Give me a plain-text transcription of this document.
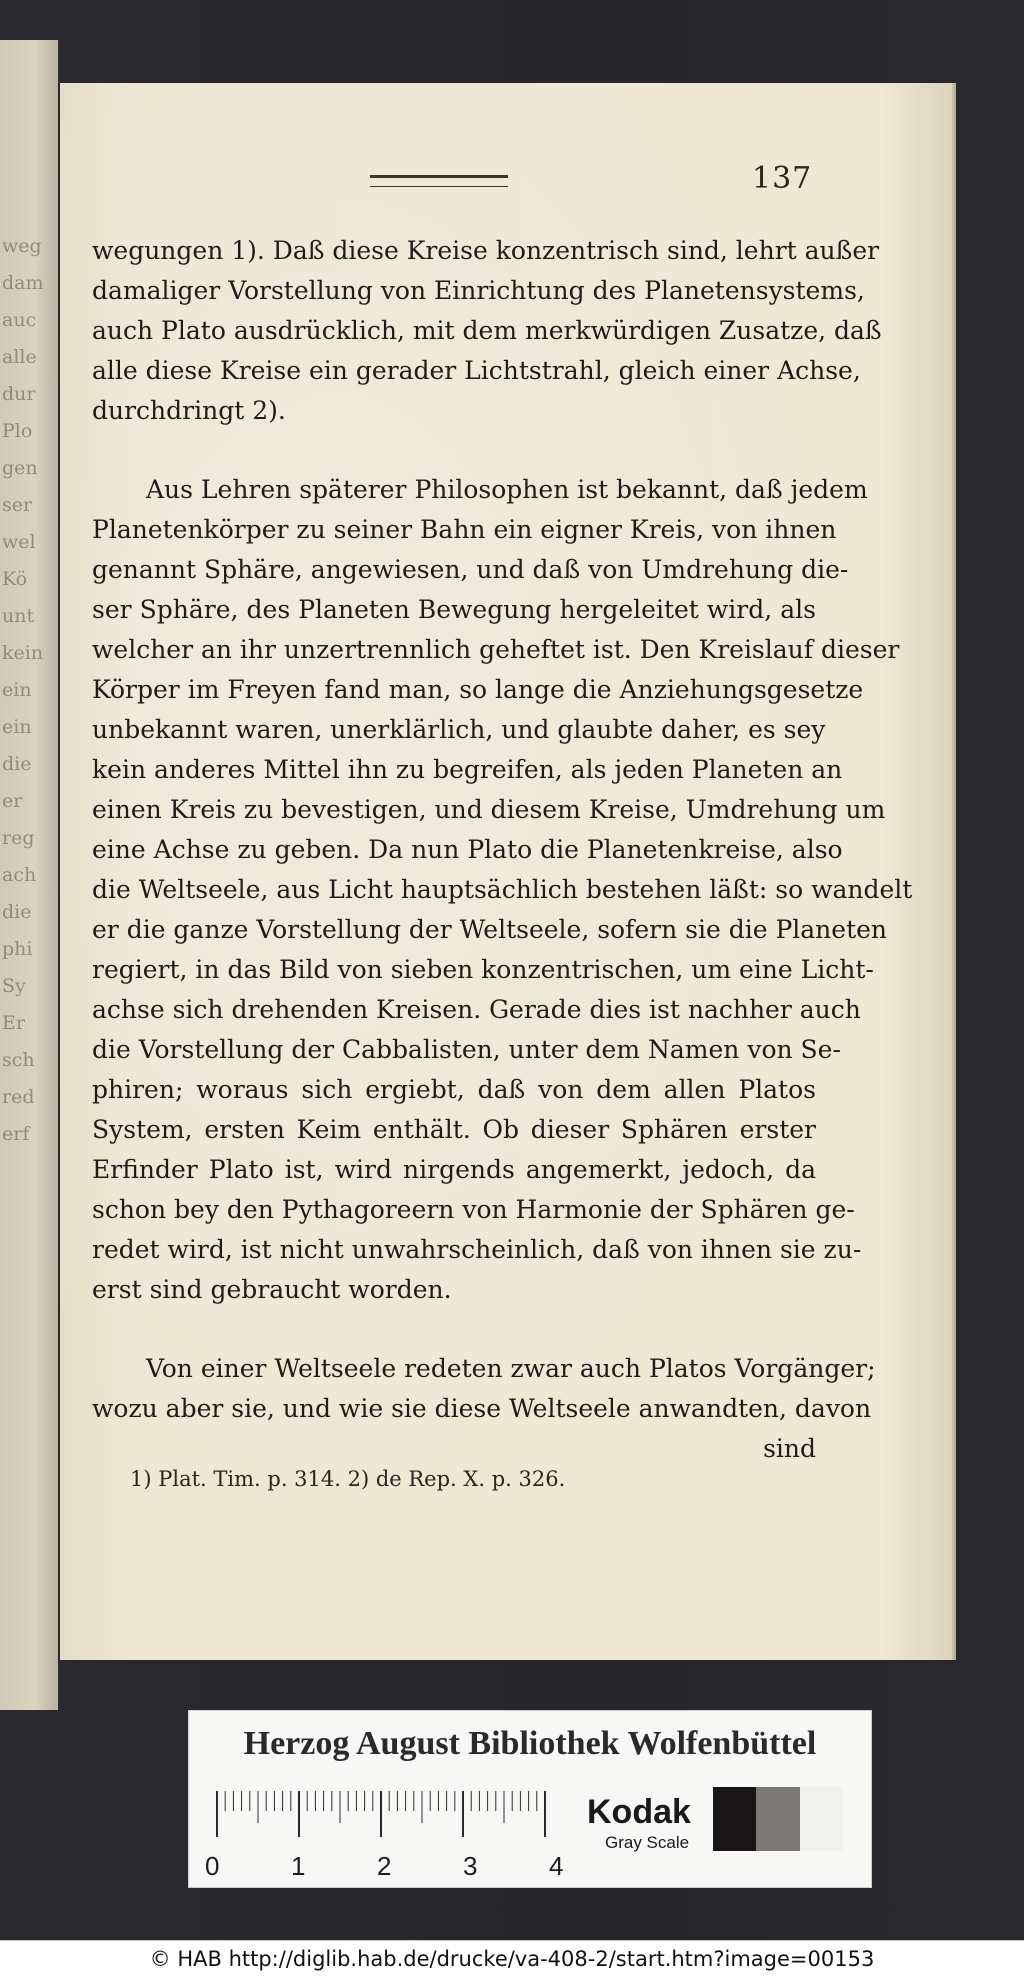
weg
dam
auc
alle
dur
Plo
gen
ser
wel
Kö
unt
kein
ein
ein
die
er
reg
ach
die
phi
Sy
Er
sch
red
erf
137
wegungen 1). Daß diese Kreise konzentrisch sind, lehrt außer
damaliger Vorstellung von Einrichtung des Planetensystems,
auch Plato ausdrücklich, mit dem merkwürdigen Zusatze, daß
alle diese Kreise ein gerader Lichtstrahl, gleich einer Achse,
durchdringt 2).
Aus Lehren späterer Philosophen ist bekannt, daß jedem
Planetenkörper zu seiner Bahn ein eigner Kreis, von ihnen
genannt Sphäre, angewiesen, und daß von Umdrehung die-
ser Sphäre, des Planeten Bewegung hergeleitet wird, als
welcher an ihr unzertrennlich geheftet ist. Den Kreislauf dieser
Körper im Freyen fand man, so lange die Anziehungsgesetze
unbekannt waren, unerklärlich, und glaubte daher, es sey
kein anderes Mittel ihn zu begreifen, als jeden Planeten an
einen Kreis zu bevestigen, und diesem Kreise, Umdrehung um
eine Achse zu geben. Da nun Plato die Planetenkreise, also
die Weltseele, aus Licht hauptsächlich bestehen läßt: so wandelt
er die ganze Vorstellung der Weltseele, sofern sie die Planeten
regiert, in das Bild von sieben konzentrischen, um eine Licht-
achse sich drehenden Kreisen. Gerade dies ist nachher auch
die Vorstellung der Cabbalisten, unter dem Namen von Se-
phiren; woraus sich ergiebt, daß von dem allen Platos
System, ersten Keim enthält. Ob dieser Sphären erster
Erfinder Plato ist, wird nirgends angemerkt, jedoch, da
schon bey den Pythagoreern von Harmonie der Sphären ge-
redet wird, ist nicht unwahrscheinlich, daß von ihnen sie zu-
erst sind gebraucht worden.
Von einer Weltseele redeten zwar auch Platos Vorgänger;
wozu aber sie, und wie sie diese Weltseele anwandten, davon
sind
1) Plat. Tim. p. 314. 2) de Rep. X. p. 326.
Herzog August Bibliothek Wolfenbüttel
0	1	2	3	4
Kodak
Gray Scale
© HAB http://diglib.hab.de/drucke/va-408-2/start.htm?image=00153
